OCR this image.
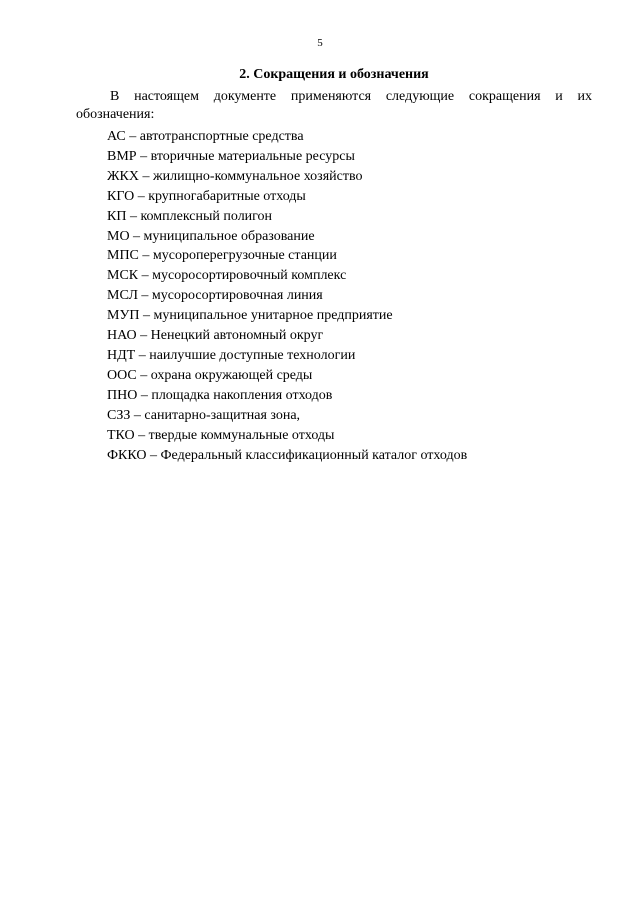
5
2. Сокращения и обозначения

В настоящем документе применяются следующие сокращения и их обозначения:

АС – автотранспортные средства
ВМР – вторичные материальные ресурсы
ЖКХ – жилищно-коммунальное хозяйство
КГО – крупногабаритные отходы
КП – комплексный полигон
МО – муниципальное образование
МПС – мусороперегрузочные станции
МСК – мусоросортировочный комплекс
МСЛ – мусоросортировочная линия
МУП – муниципальное унитарное предприятие
НАО – Ненецкий автономный округ
НДТ – наилучшие доступные технологии
ООС – охрана окружающей среды
ПНО – площадка накопления отходов
СЗЗ – санитарно-защитная зона,
ТКО – твердые коммунальные отходы
ФККО – Федеральный классификационный каталог отходов
